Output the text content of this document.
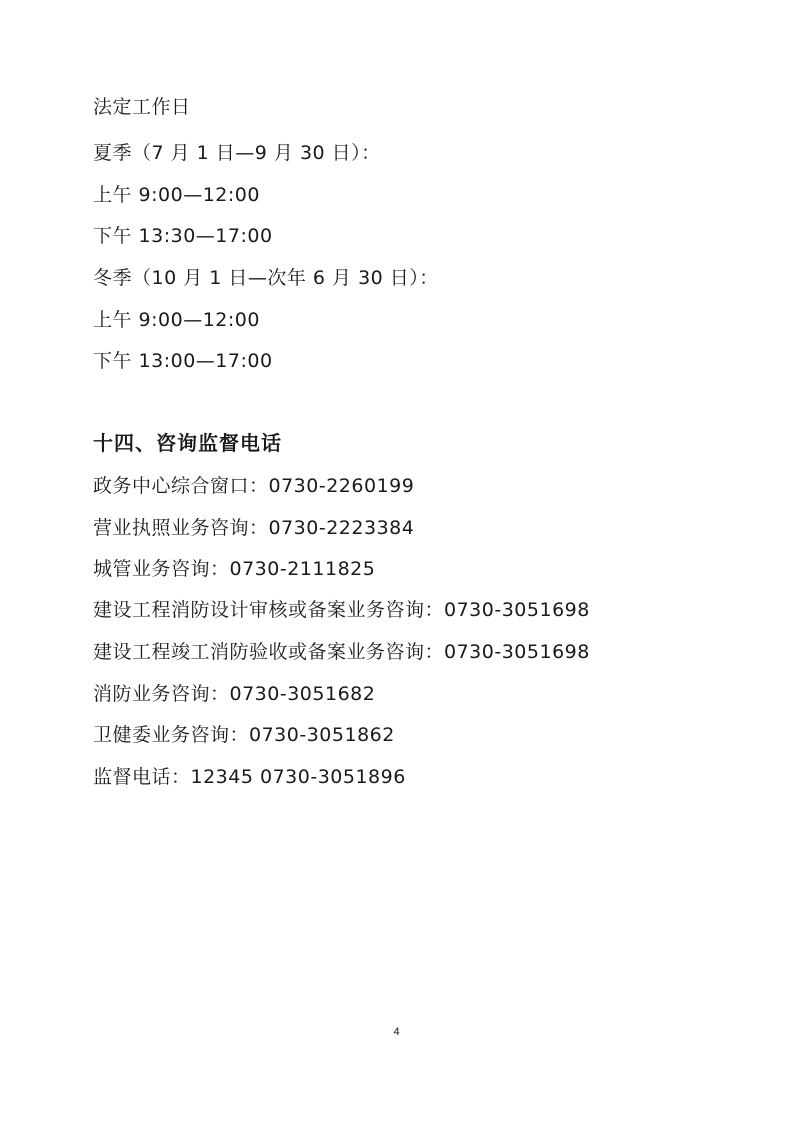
法定工作日
夏季（7 月 1 日—9 月 30 日）：
上午 9:00—12:00
下午 13:30—17:00
冬季（10 月 1 日—次年 6 月 30 日）：
上午 9:00—12:00
下午 13:00—17:00
十四、咨询监督电话
政务中心综合窗口：0730-2260199
营业执照业务咨询：0730-2223384
城管业务咨询：0730-2111825
建设工程消防设计审核或备案业务咨询：0730-3051698
建设工程竣工消防验收或备案业务咨询：0730-3051698
消防业务咨询：0730-3051682
卫健委业务咨询：0730-3051862
监督电话：12345 0730-3051896
4
